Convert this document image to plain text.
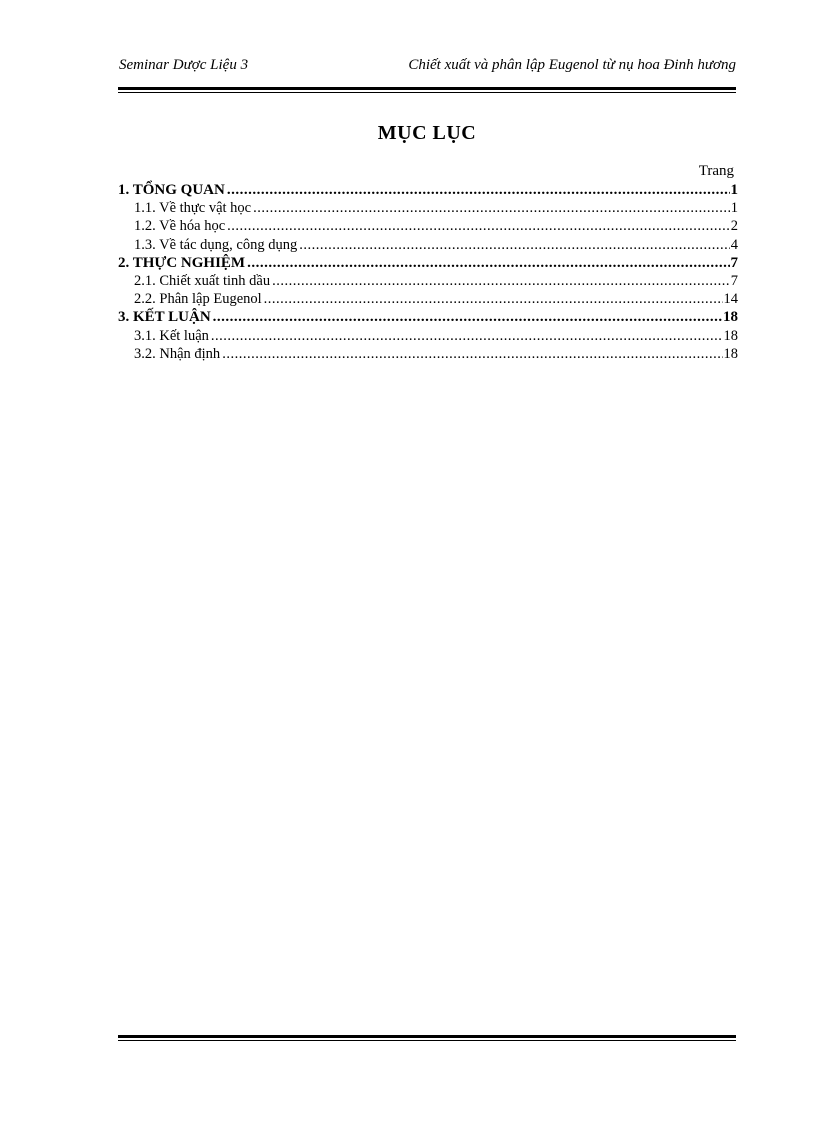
Seminar Dược Liệu 3	Chiết xuất và phân lập Eugenol từ nụ hoa Đinh hương
MỤC LỤC
Trang
1. TỔNG QUAN .....	1
1.1. Về thực vật học .....	1
1.2. Về hóa học .....	2
1.3. Về tác dụng, công dụng .....	4
2. THỰC NGHIỆM .....	7
2.1. Chiết xuất tinh dầu .....	7
2.2. Phân lập Eugenol .....	14
3. KẾT LUẬN .....	18
3.1. Kết luận .....	18
3.2. Nhận định .....	18
